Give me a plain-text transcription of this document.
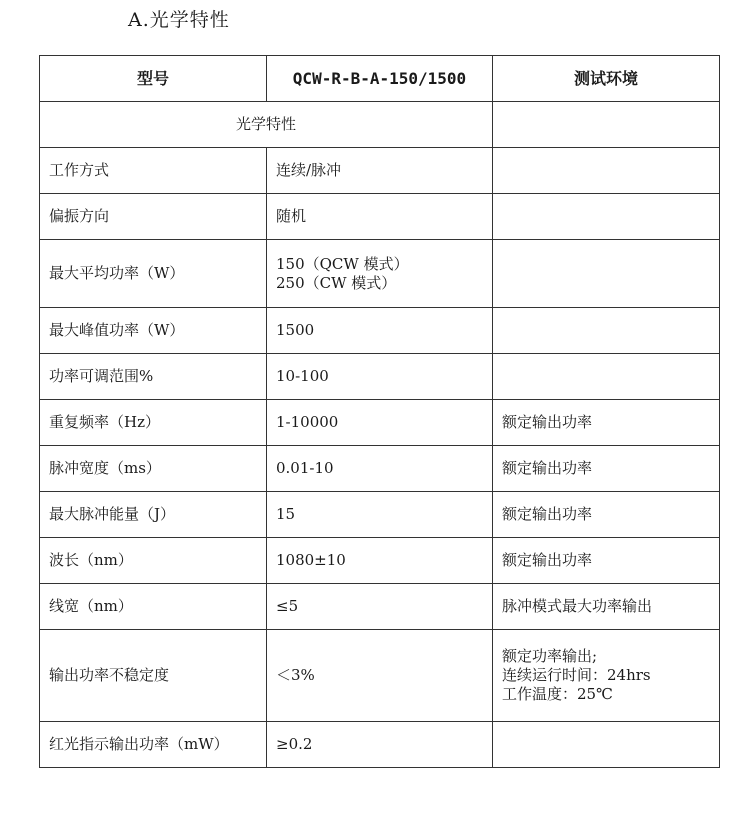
A.光学特性
型号	QCW-R-B-A-150/1500	测试环境
光学特性		
工作方式	连续/脉冲	

偏振方向	随机	

最大平均功率（W）	150（QCW 模式）
250（CW 模式）	

最大峰值功率（W）	1500	

功率可调范围%	10-100	

重复频率（Hz）	1-10000	额定输出功率

脉冲宽度（ms）	0.01-10	额定输出功率

最大脉冲能量（J）	15	额定输出功率

波长（nm）	1080±10	额定输出功率

线宽（nm）	≤5	脉冲模式最大功率输出

输出功率不稳定度	＜3%	额定功率输出;
连续运行时间：24hrs
工作温度：25℃

红光指示输出功率（mW）	≥0.2	
